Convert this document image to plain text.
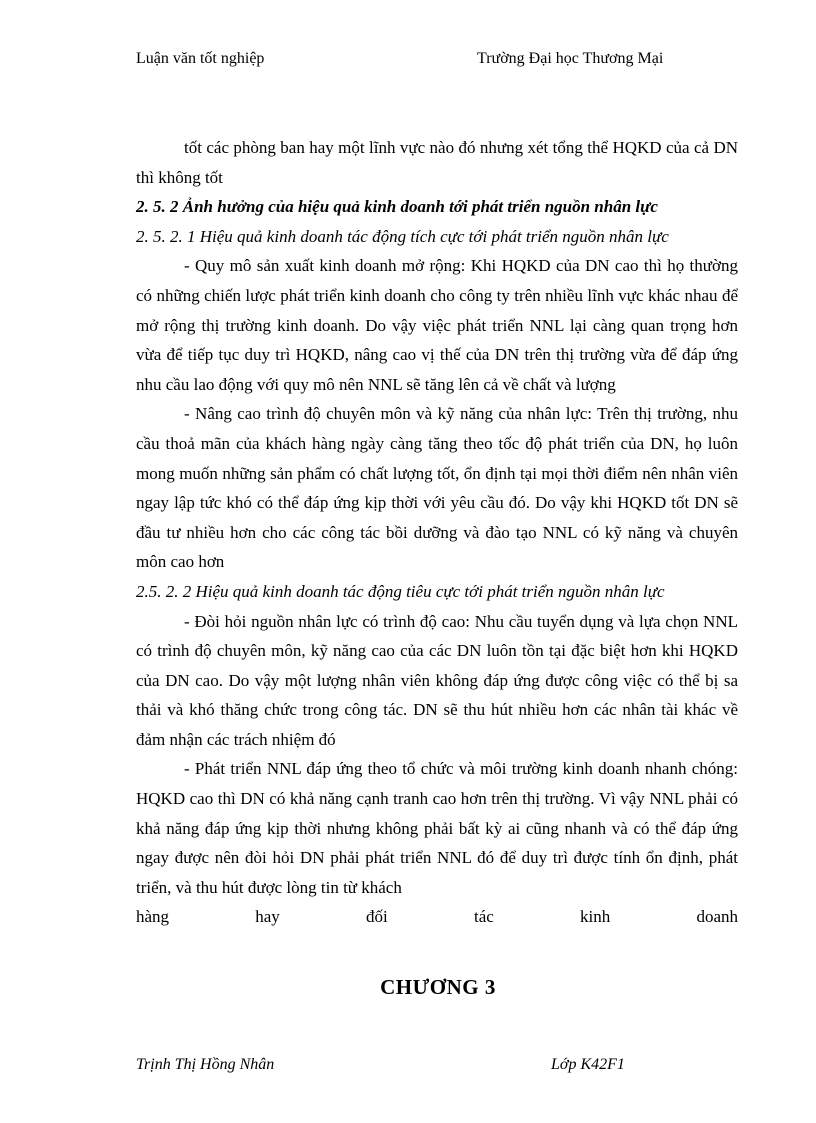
Luận văn tốt nghiệp	Trường Đại học Thương Mại

tốt các phòng ban hay một lĩnh vực nào đó nhưng xét tổng thể HQKD của cả DN thì không tốt

2. 5. 2 Ảnh hưởng của hiệu quả kinh doanh tới phát triển nguồn nhân lực

2. 5. 2. 1 Hiệu quả kinh doanh tác động tích cực tới phát triển nguồn nhân lực

- Quy mô sản xuất kinh doanh mở rộng: Khi HQKD của DN cao thì họ thường có những chiến lược phát triển kinh doanh cho công ty trên nhiều lĩnh vực khác nhau để mở rộng thị trường kinh doanh. Do vậy việc phát triển NNL lại càng quan trọng hơn vừa để tiếp tục duy trì HQKD, nâng cao vị thế của DN trên thị trường vừa để đáp ứng nhu cầu lao động với quy mô nên NNL sẽ tăng lên cả về chất và lượng

- Nâng cao trình độ chuyên môn và kỹ năng của nhân lực: Trên thị trường, nhu cầu thoả mãn của khách hàng ngày càng tăng theo tốc độ phát triển của DN, họ luôn mong muốn những sản phẩm có chất lượng tốt, ổn định tại mọi thời điểm nên nhân viên ngay lập tức khó có thể đáp ứng kịp thời với yêu cầu đó. Do vậy khi HQKD tốt DN sẽ đầu tư nhiều hơn cho các công tác bồi dưỡng và đào tạo NNL có kỹ năng và chuyên môn cao hơn

2.5. 2. 2 Hiệu quả kinh doanh tác động tiêu cực tới phát triển nguồn nhân lực

- Đòi hỏi nguồn nhân lực có trình độ cao: Nhu cầu tuyển dụng và lựa chọn NNL có trình độ chuyên môn, kỹ năng cao của các DN luôn tồn tại đặc biệt hơn khi HQKD của DN cao. Do vậy một lượng nhân viên không đáp ứng được công việc có thể bị sa thải và khó thăng chức trong công tác. DN sẽ thu hút nhiều hơn các nhân tài khác về đảm nhận các trách nhiệm đó

- Phát triển NNL đáp ứng theo tổ chức và môi trường kinh doanh nhanh chóng: HQKD cao thì DN có khả năng cạnh tranh cao hơn trên thị trường. Vì vậy NNL phải có khả năng đáp ứng kịp thời nhưng không phải bất kỳ ai cũng nhanh và có thể đáp ứng ngay được nên đòi hỏi DN phải phát triển NNL đó để duy trì được tính ổn định, phát triển, và thu hút được lòng tin từ khách

hàng hay đối tác kinh doanh

CHƯƠNG 3
Trịnh Thị Hồng Nhân	Lớp K42F1
